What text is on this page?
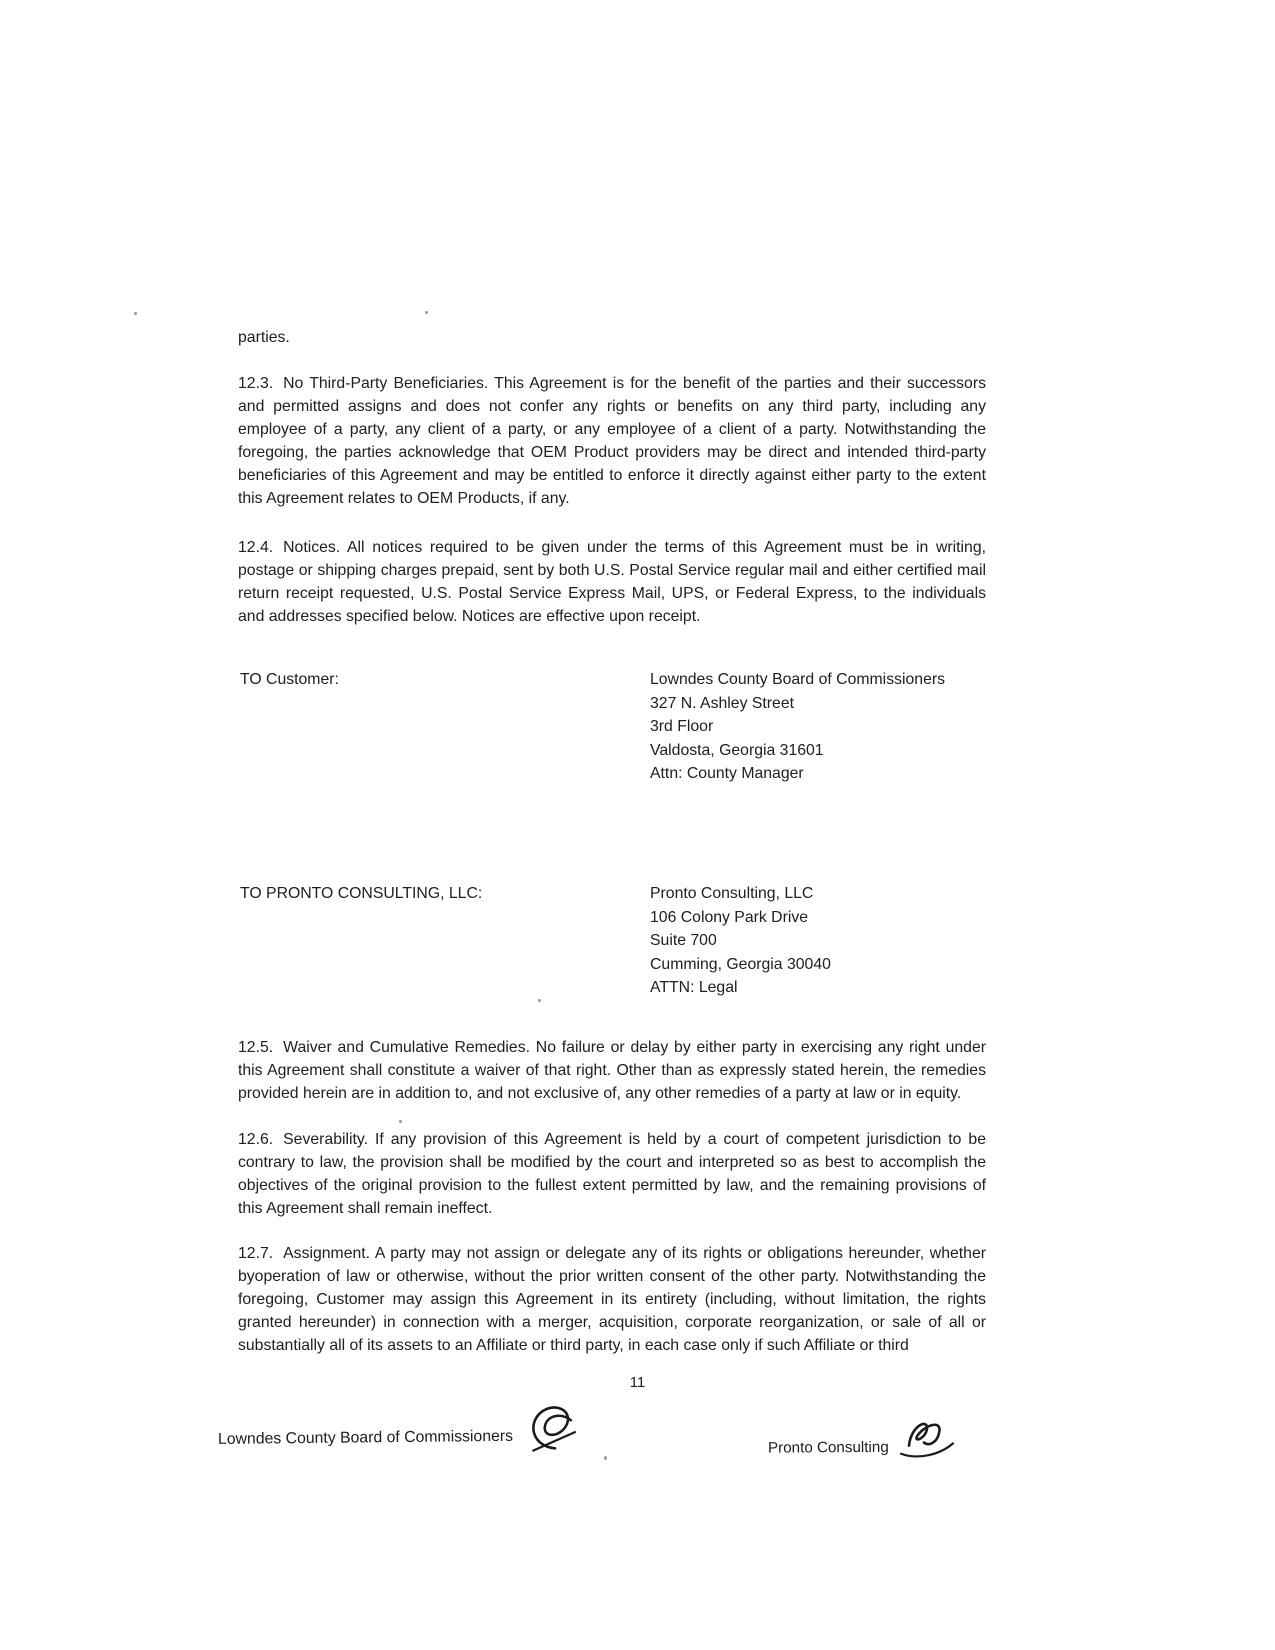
parties.

12.3. No Third-Party Beneficiaries. This Agreement is for the benefit of the parties and their successors and permitted assigns and does not confer any rights or benefits on any third party, including any employee of a party, any client of a party, or any employee of a client of a party. Notwithstanding the foregoing, the parties acknowledge that OEM Product providers may be direct and intended third-party beneficiaries of this Agreement and may be entitled to enforce it directly against either party to the extent this Agreement relates to OEM Products, if any.

12.4. Notices. All notices required to be given under the terms of this Agreement must be in writing, postage or shipping charges prepaid, sent by both U.S. Postal Service regular mail and either certified mail return receipt requested, U.S. Postal Service Express Mail, UPS, or Federal Express, to the individuals and addresses specified below. Notices are effective upon receipt.

TO Customer:	Lowndes County Board of Commissioners
327 N. Ashley Street
3rd Floor
Valdosta, Georgia 31601
Attn: County Manager
TO PRONTO CONSULTING, LLC:	Pronto Consulting, LLC
106 Colony Park Drive
Suite 700
Cumming, Georgia 30040
ATTN: Legal

12.5. Waiver and Cumulative Remedies. No failure or delay by either party in exercising any right under this Agreement shall constitute a waiver of that right. Other than as expressly stated herein, the remedies provided herein are in addition to, and not exclusive of, any other remedies of a party at law or in equity.

12.6. Severability. If any provision of this Agreement is held by a court of competent jurisdiction to be contrary to law, the provision shall be modified by the court and interpreted so as best to accomplish the objectives of the original provision to the fullest extent permitted by law, and the remaining provisions of this Agreement shall remain ineffect.

12.7. Assignment. A party may not assign or delegate any of its rights or obligations hereunder, whether byoperation of law or otherwise, without the prior written consent of the other party. Notwithstanding the foregoing, Customer may assign this Agreement in its entirety (including, without limitation, the rights granted hereunder) in connection with a merger, acquisition, corporate reorganization, or sale of all or substantially all of its assets to an Affiliate or third party, in each case only if such Affiliate or third

11
Lowndes County Board of Commissioners	Pronto Consulting
